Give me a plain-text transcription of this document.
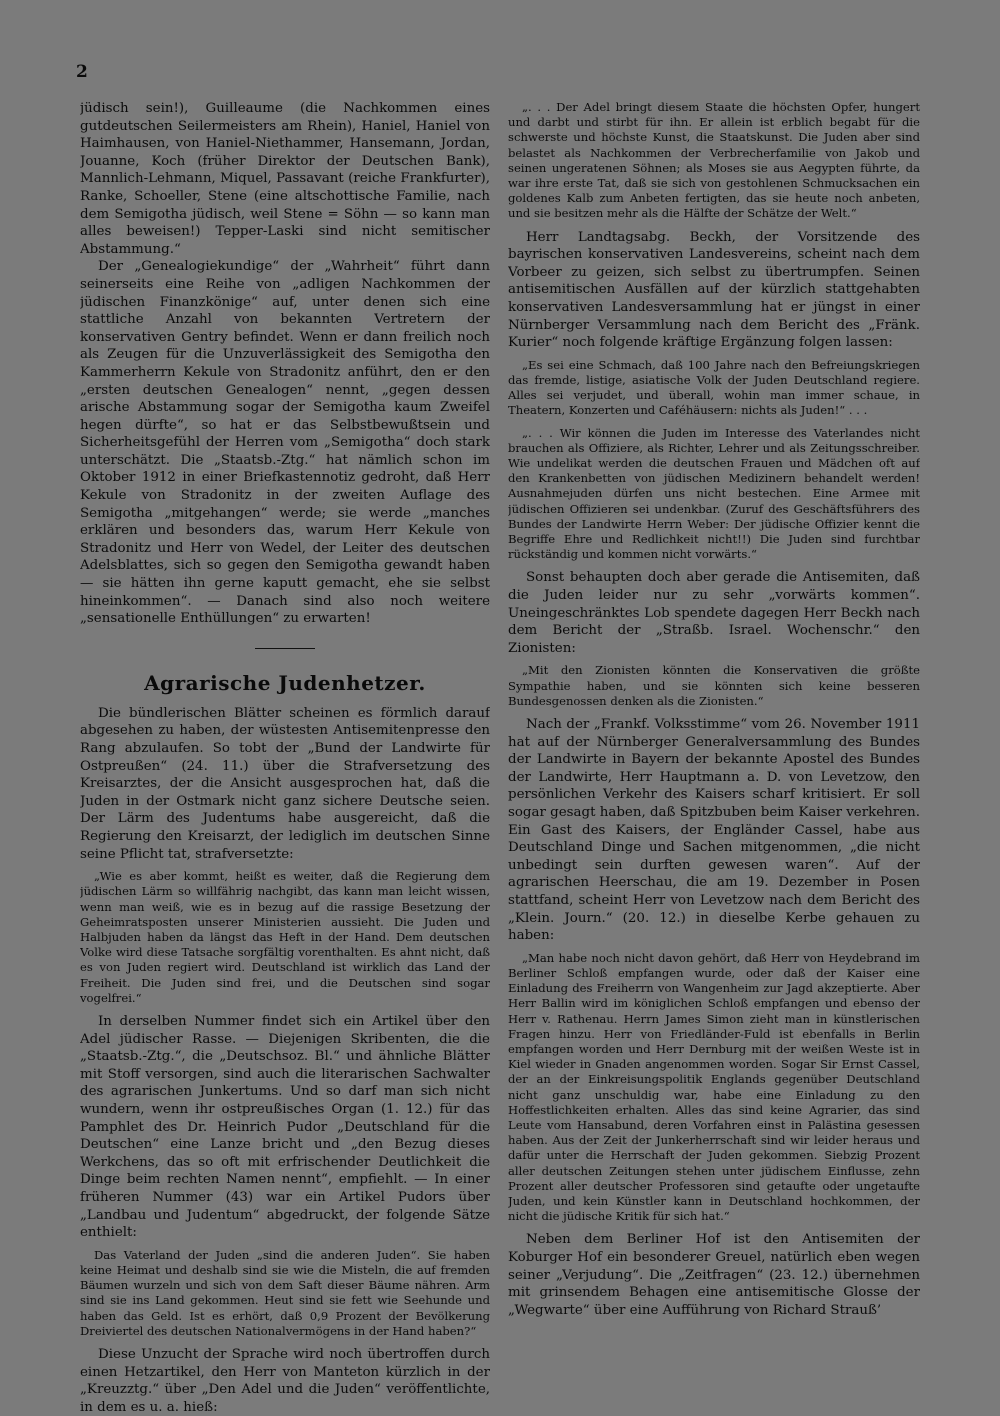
2

jüdisch sein!), Guilleaume (die Nachkommen eines gutdeutschen Seilermeisters am Rhein), Haniel, Haniel von Haimhausen, von Haniel-Niethammer, Hansemann, Jordan, Jouanne, Koch (früher Direktor der Deutschen Bank), Mannlich-Lehmann, Miquel, Passavant (reiche Frankfurter), Ranke, Schoeller, Stene (eine altschottische Familie, nach dem Semigotha jüdisch, weil Stene = Söhn — so kann man alles beweisen!) Tepper-Laski sind nicht semitischer Abstammung.“

Der „Genealogiekundige“ der „Wahrheit“ führt dann seinerseits eine Reihe von „adligen Nachkommen der jüdischen Finanzkönige“ auf, unter denen sich eine stattliche Anzahl von bekannten Vertretern der konservativen Gentry befindet. Wenn er dann freilich noch als Zeugen für die Unzuverlässigkeit des Semigotha den Kammerherrn Kekule von Stradonitz anführt, den er den „ersten deutschen Genealogen“ nennt, „gegen dessen arische Abstammung sogar der Semigotha kaum Zweifel hegen dürfte“, so hat er das Selbstbewußtsein und Sicherheitsgefühl der Herren vom „Semigotha“ doch stark unterschätzt. Die „Staatsb.-Ztg.“ hat nämlich schon im Oktober 1912 in einer Briefkastennotiz gedroht, daß Herr Kekule von Stradonitz in der zweiten Auflage des Semigotha „mitgehangen“ werde; sie werde „manches erklären und besonders das, warum Herr Kekule von Stradonitz und Herr von Wedel, der Leiter des deutschen Adelsblattes, sich so gegen den Semigotha gewandt haben — sie hätten ihn gerne kaputt gemacht, ehe sie selbst hineinkommen“. — Danach sind also noch weitere „sensationelle Enthüllungen“ zu erwarten!

Agrarische Judenhetzer.

Die bündlerischen Blätter scheinen es förmlich darauf abgesehen zu haben, der wüstesten Antisemitenpresse den Rang abzulaufen. So tobt der „Bund der Landwirte für Ostpreußen“ (24. 11.) über die Strafversetzung des Kreisarztes, der die Ansicht ausgesprochen hat, daß die Juden in der Ostmark nicht ganz sichere Deutsche seien. Der Lärm des Judentums habe ausgereicht, daß die Regierung den Kreisarzt, der lediglich im deutschen Sinne seine Pflicht tat, strafversetzte:

„Wie es aber kommt, heißt es weiter, daß die Regierung dem jüdischen Lärm so willfährig nachgibt, das kann man leicht wissen, wenn man weiß, wie es in bezug auf die rassige Besetzung der Geheimratsposten unserer Ministerien aussieht. Die Juden und Halbjuden haben da längst das Heft in der Hand. Dem deutschen Volke wird diese Tatsache sorgfältig vorenthalten. Es ahnt nicht, daß es von Juden regiert wird. Deutschland ist wirklich das Land der Freiheit. Die Juden sind frei, und die Deutschen sind sogar vogelfrei.“

In derselben Nummer findet sich ein Artikel über den Adel jüdischer Rasse. — Diejenigen Skribenten, die die „Staatsb.-Ztg.“, die „Deutschsoz. Bl.“ und ähnliche Blätter mit Stoff versorgen, sind auch die literarischen Sachwalter des agrarischen Junkertums. Und so darf man sich nicht wundern, wenn ihr ostpreußisches Organ (1. 12.) für das Pamphlet des Dr. Heinrich Pudor „Deutschland für die Deutschen“ eine Lanze bricht und „den Bezug dieses Werkchens, das so oft mit erfrischender Deutlichkeit die Dinge beim rechten Namen nennt“, empfiehlt. — In einer früheren Nummer (43) war ein Artikel Pudors über „Landbau und Judentum“ abgedruckt, der folgende Sätze enthielt:

Das Vaterland der Juden „sind die anderen Juden“. Sie haben keine Heimat und deshalb sind sie wie die Misteln, die auf fremden Bäumen wurzeln und sich von dem Saft dieser Bäume nähren. Arm sind sie ins Land gekommen. Heut sind sie fett wie Seehunde und haben das Geld. Ist es erhört, daß 0,9 Prozent der Bevölkerung Dreiviertel des deutschen Nationalvermögens in der Hand haben?“

Diese Unzucht der Sprache wird noch übertroffen durch einen Hetzartikel, den Herr von Manteton kürzlich in der „Kreuzztg.“ über „Den Adel und die Juden“ veröffentlichte, in dem es u. a. hieß:

„. . . Der Adel bringt diesem Staate die höchsten Opfer, hungert und darbt und stirbt für ihn. Er allein ist erblich begabt für die schwerste und höchste Kunst, die Staatskunst. Die Juden aber sind belastet als Nachkommen der Verbrecherfamilie von Jakob und seinen ungeratenen Söhnen; als Moses sie aus Aegypten führte, da war ihre erste Tat, daß sie sich von gestohlenen Schmucksachen ein goldenes Kalb zum Anbeten fertigten, das sie heute noch anbeten, und sie besitzen mehr als die Hälfte der Schätze der Welt.“

Herr Landtagsabg. Beckh, der Vorsitzende des bayrischen konservativen Landesvereins, scheint nach dem Vorbeer zu geizen, sich selbst zu übertrumpfen. Seinen antisemitischen Ausfällen auf der kürzlich stattgehabten konservativen Landesversammlung hat er jüngst in einer Nürnberger Versammlung nach dem Bericht des „Fränk. Kurier“ noch folgende kräftige Ergänzung folgen lassen:

„Es sei eine Schmach, daß 100 Jahre nach den Befreiungskriegen das fremde, listige, asiatische Volk der Juden Deutschland regiere. Alles sei verjudet, und überall, wohin man immer schaue, in Theatern, Konzerten und Caféhäusern: nichts als Juden!“ . . .

„. . . Wir können die Juden im Interesse des Vaterlandes nicht brauchen als Offiziere, als Richter, Lehrer und als Zeitungsschreiber. Wie undelikat werden die deutschen Frauen und Mädchen oft auf den Krankenbetten von jüdischen Medizinern behandelt werden! Ausnahmejuden dürfen uns nicht bestechen. Eine Armee mit jüdischen Offizieren sei undenkbar. (Zuruf des Geschäftsführers des Bundes der Landwirte Herrn Weber: Der jüdische Offizier kennt die Begriffe Ehre und Redlichkeit nicht!!) Die Juden sind furchtbar rückständig und kommen nicht vorwärts.“

Sonst behaupten doch aber gerade die Antisemiten, daß die Juden leider nur zu sehr „vorwärts kommen“. Uneingeschränktes Lob spendete dagegen Herr Beckh nach dem Bericht der „Straßb. Israel. Wochenschr.“ den Zionisten:

„Mit den Zionisten könnten die Konservativen die größte Sympathie haben, und sie könnten sich keine besseren Bundesgenossen denken als die Zionisten.“

Nach der „Frankf. Volksstimme“ vom 26. November 1911 hat auf der Nürnberger Generalversammlung des Bundes der Landwirte in Bayern der bekannte Apostel des Bundes der Landwirte, Herr Hauptmann a. D. von Levetzow, den persönlichen Verkehr des Kaisers scharf kritisiert. Er soll sogar gesagt haben, daß Spitzbuben beim Kaiser verkehren. Ein Gast des Kaisers, der Engländer Cassel, habe aus Deutschland Dinge und Sachen mitgenommen, „die nicht unbedingt sein durften gewesen waren“. Auf der agrarischen Heerschau, die am 19. Dezember in Posen stattfand, scheint Herr von Levetzow nach dem Bericht des „Klein. Journ.“ (20. 12.) in dieselbe Kerbe gehauen zu haben:

„Man habe noch nicht davon gehört, daß Herr von Heydebrand im Berliner Schloß empfangen wurde, oder daß der Kaiser eine Einladung des Freiherrn von Wangenheim zur Jagd akzeptierte. Aber Herr Ballin wird im königlichen Schloß empfangen und ebenso der Herr v. Rathenau. Herrn James Simon zieht man in künstlerischen Fragen hinzu. Herr von Friedländer-Fuld ist ebenfalls in Berlin empfangen worden und Herr Dernburg mit der weißen Weste ist in Kiel wieder in Gnaden angenommen worden. Sogar Sir Ernst Cassel, der an der Einkreisungspolitik Englands gegenüber Deutschland nicht ganz unschuldig war, habe eine Einladung zu den Hoffestlichkeiten erhalten. Alles das sind keine Agrarier, das sind Leute vom Hansabund, deren Vorfahren einst in Palästina gesessen haben. Aus der Zeit der Junkerherrschaft sind wir leider heraus und dafür unter die Herrschaft der Juden gekommen. Siebzig Prozent aller deutschen Zeitungen stehen unter jüdischem Einflusse, zehn Prozent aller deutscher Professoren sind getaufte oder ungetaufte Juden, und kein Künstler kann in Deutschland hochkommen, der nicht die jüdische Kritik für sich hat.“

Neben dem Berliner Hof ist den Antisemiten der Koburger Hof ein besonderer Greuel, natürlich eben wegen seiner „Verjudung“. Die „Zeitfragen“ (23. 12.) übernehmen mit grinsendem Behagen eine antisemitische Glosse der „Wegwarte“ über eine Aufführung von Richard Strauß’
